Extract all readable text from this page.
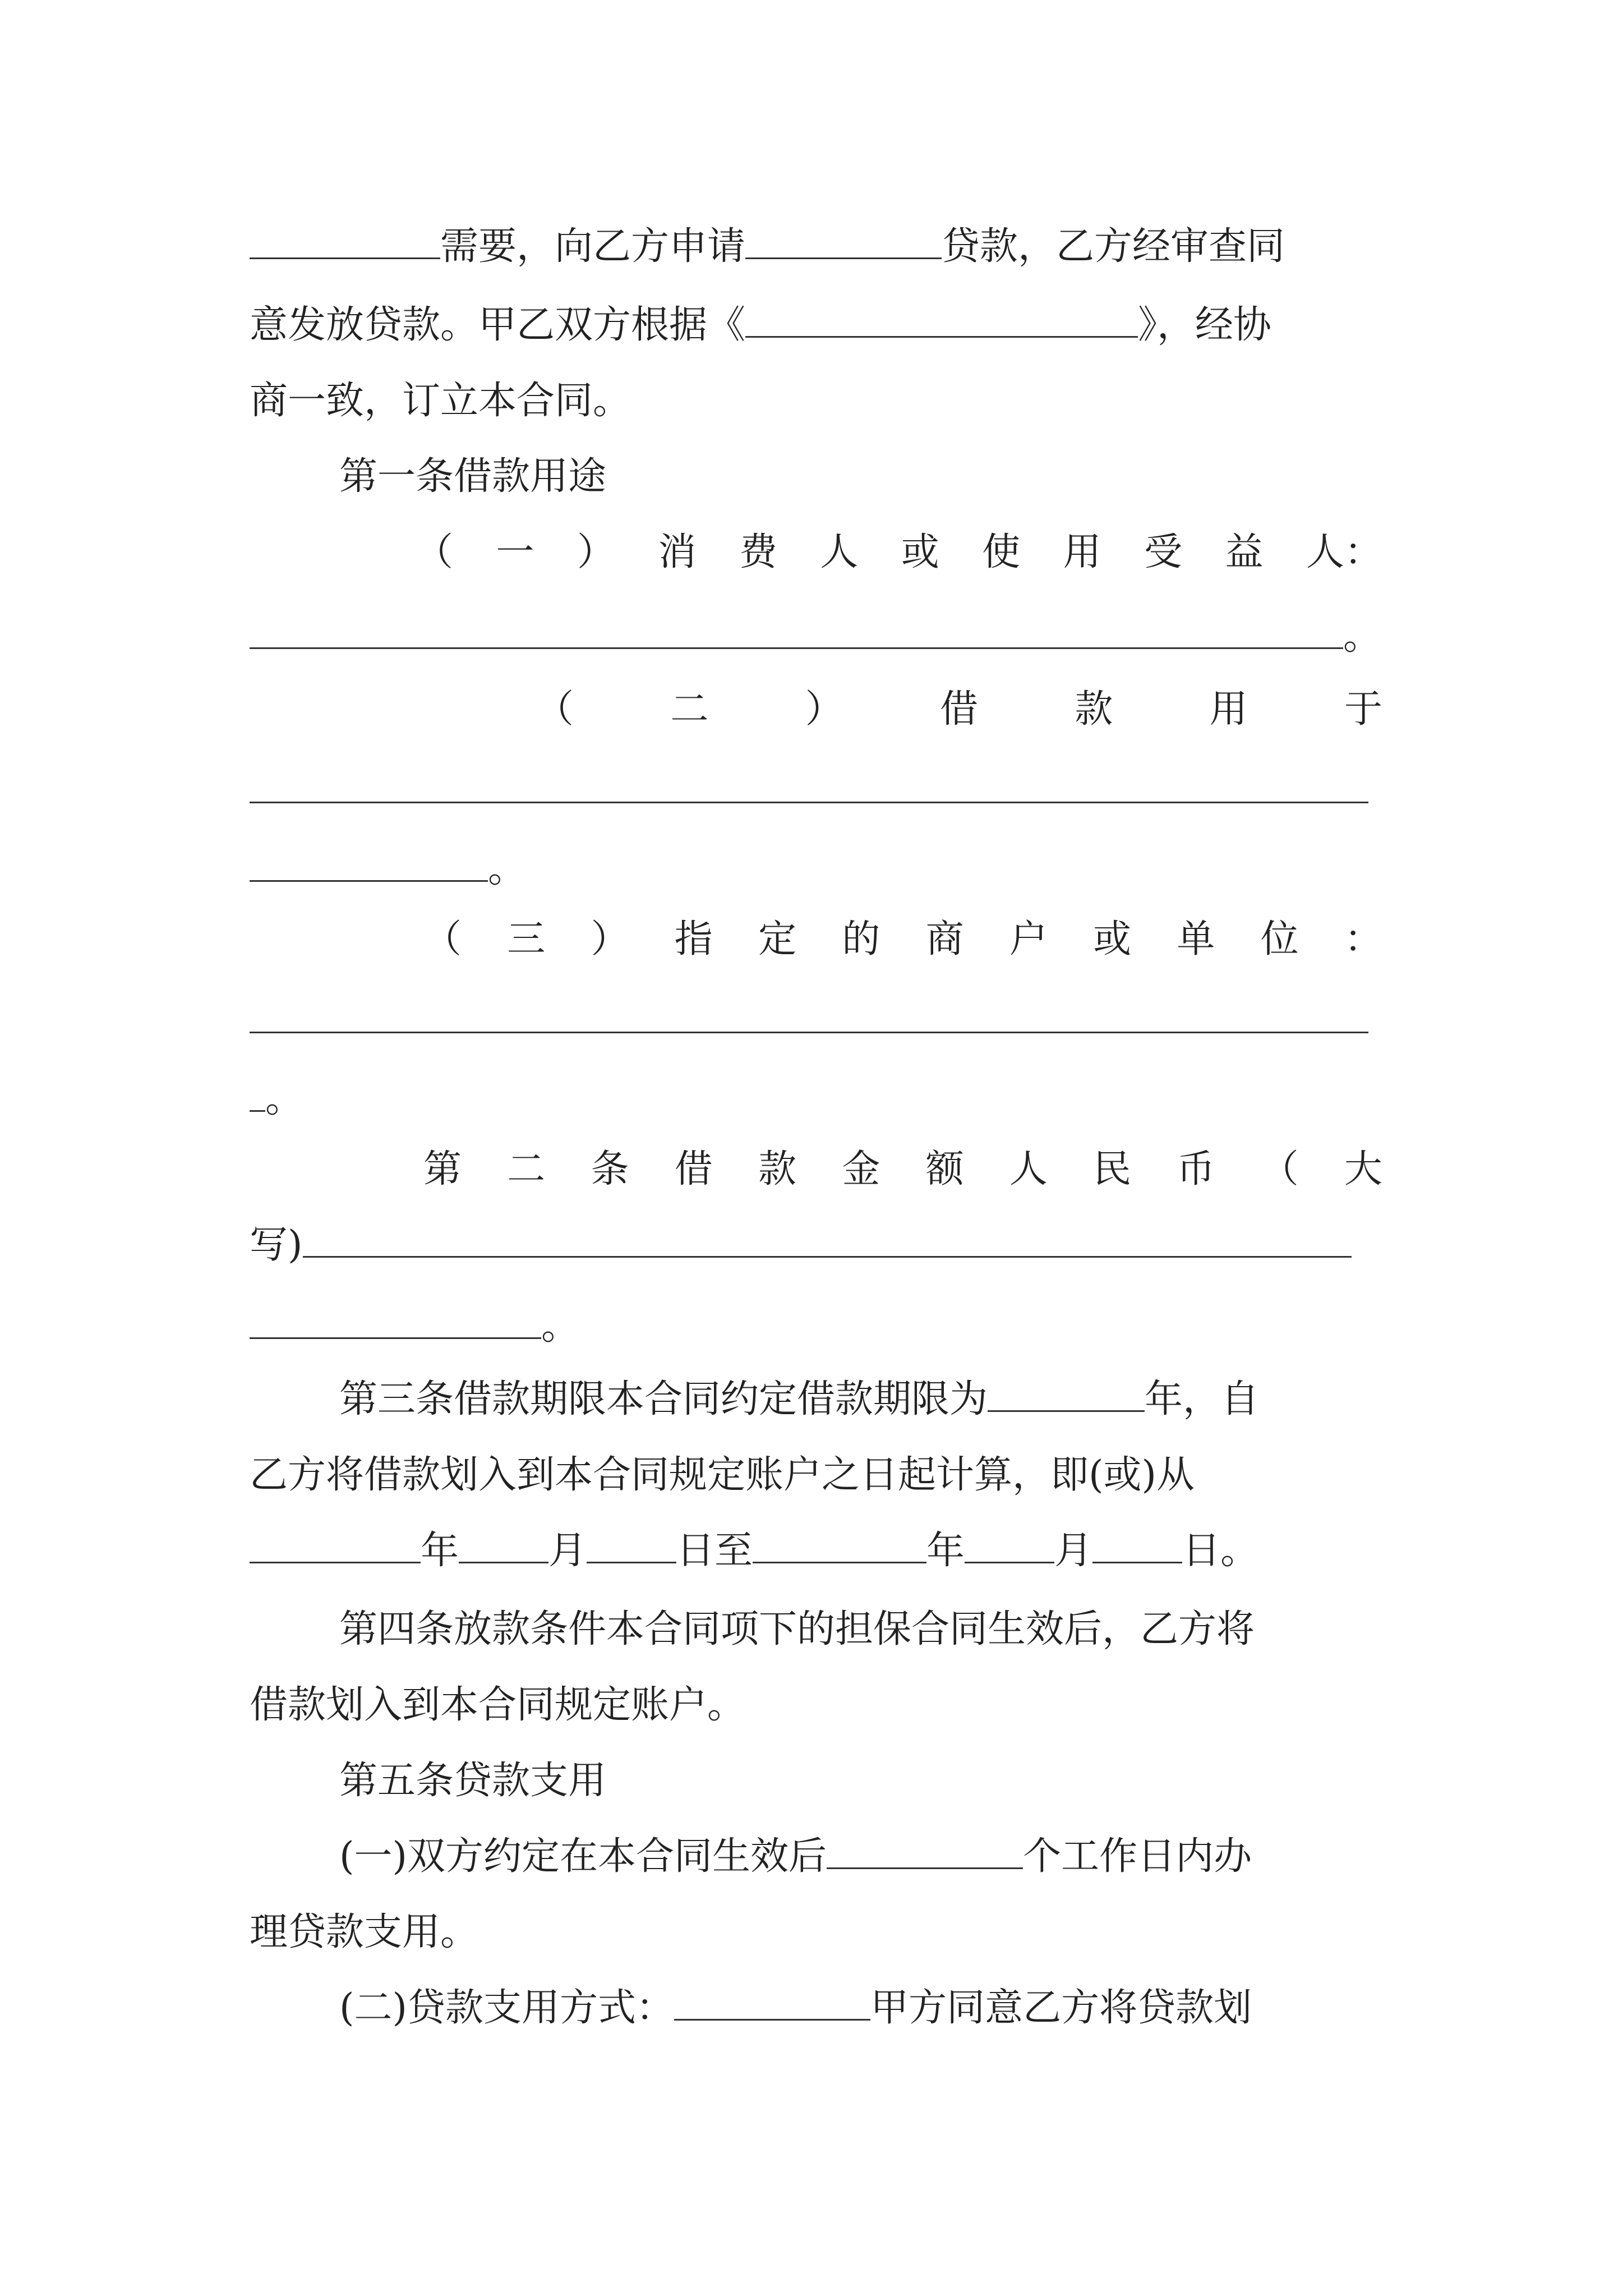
需要，向乙方申请	贷款，乙方经审查同
意发放贷款。甲乙双方根据《	》，经协
商一致，订立本合同。
第一条借款用途
（ 一 ） 消 费 人 或 使 用 受 益 人：
。
（	二	）	借	款	用	于
。
（ 三 ） 指 定 的 商 户 或 单 位 ：
。
第 二 条 借 款 金 额 人 民 币 （ 大
写)
。
第三条借款期限本合同约定借款期限为	年，自
乙方将借款划入到本合同规定账户之日起计算，即(或)从
年 月 日至	年 月 日。
第四条放款条件本合同项下的担保合同生效后，乙方将
借款划入到本合同规定账户。
第五条贷款支用
(一)双方约定在本合同生效后	个工作日内办
理贷款支用。
(二)贷款支用方式：	甲方同意乙方将贷款划
